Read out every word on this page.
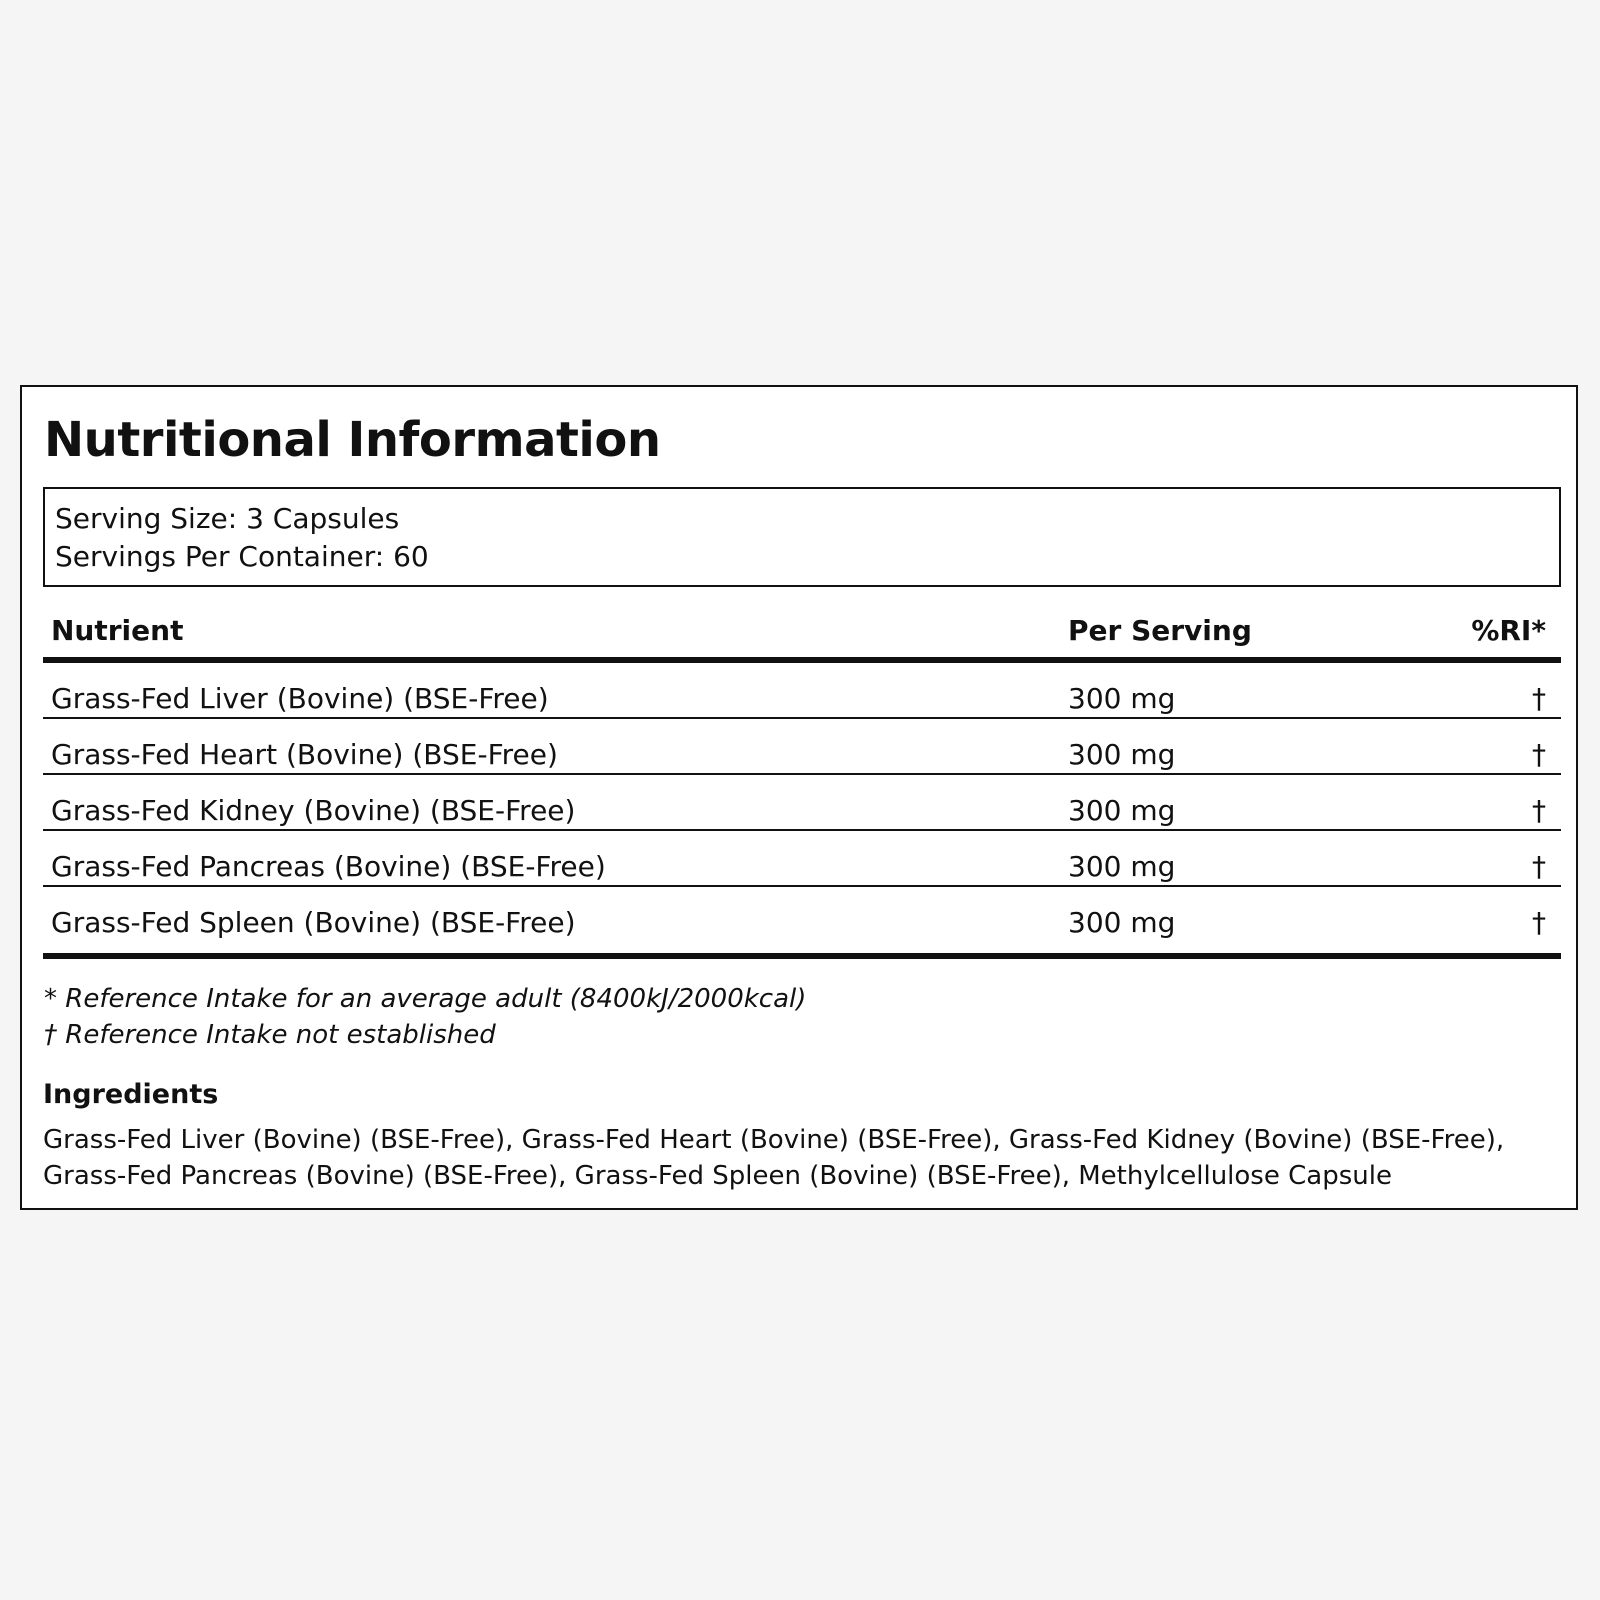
Nutritional Information
Serving Size: 3 Capsules
Servings Per Container: 60
Nutrient	Per Serving	%RI*
Grass-Fed Liver (Bovine) (BSE-Free)	300 mg	†
Grass-Fed Heart (Bovine) (BSE-Free)	300 mg	†
Grass-Fed Kidney (Bovine) (BSE-Free)	300 mg	†
Grass-Fed Pancreas (Bovine) (BSE-Free)	300 mg	†
Grass-Fed Spleen (Bovine) (BSE-Free)	300 mg	†
* Reference Intake for an average adult (8400kJ/2000kcal)
† Reference Intake not established
Ingredients

Grass-Fed Liver (Bovine) (BSE-Free), Grass-Fed Heart (Bovine) (BSE-Free), Grass-Fed Kidney (Bovine) (BSE-Free), Grass-Fed Pancreas (Bovine) (BSE-Free), Grass-Fed Spleen (Bovine) (BSE-Free), Methylcellulose Capsule
